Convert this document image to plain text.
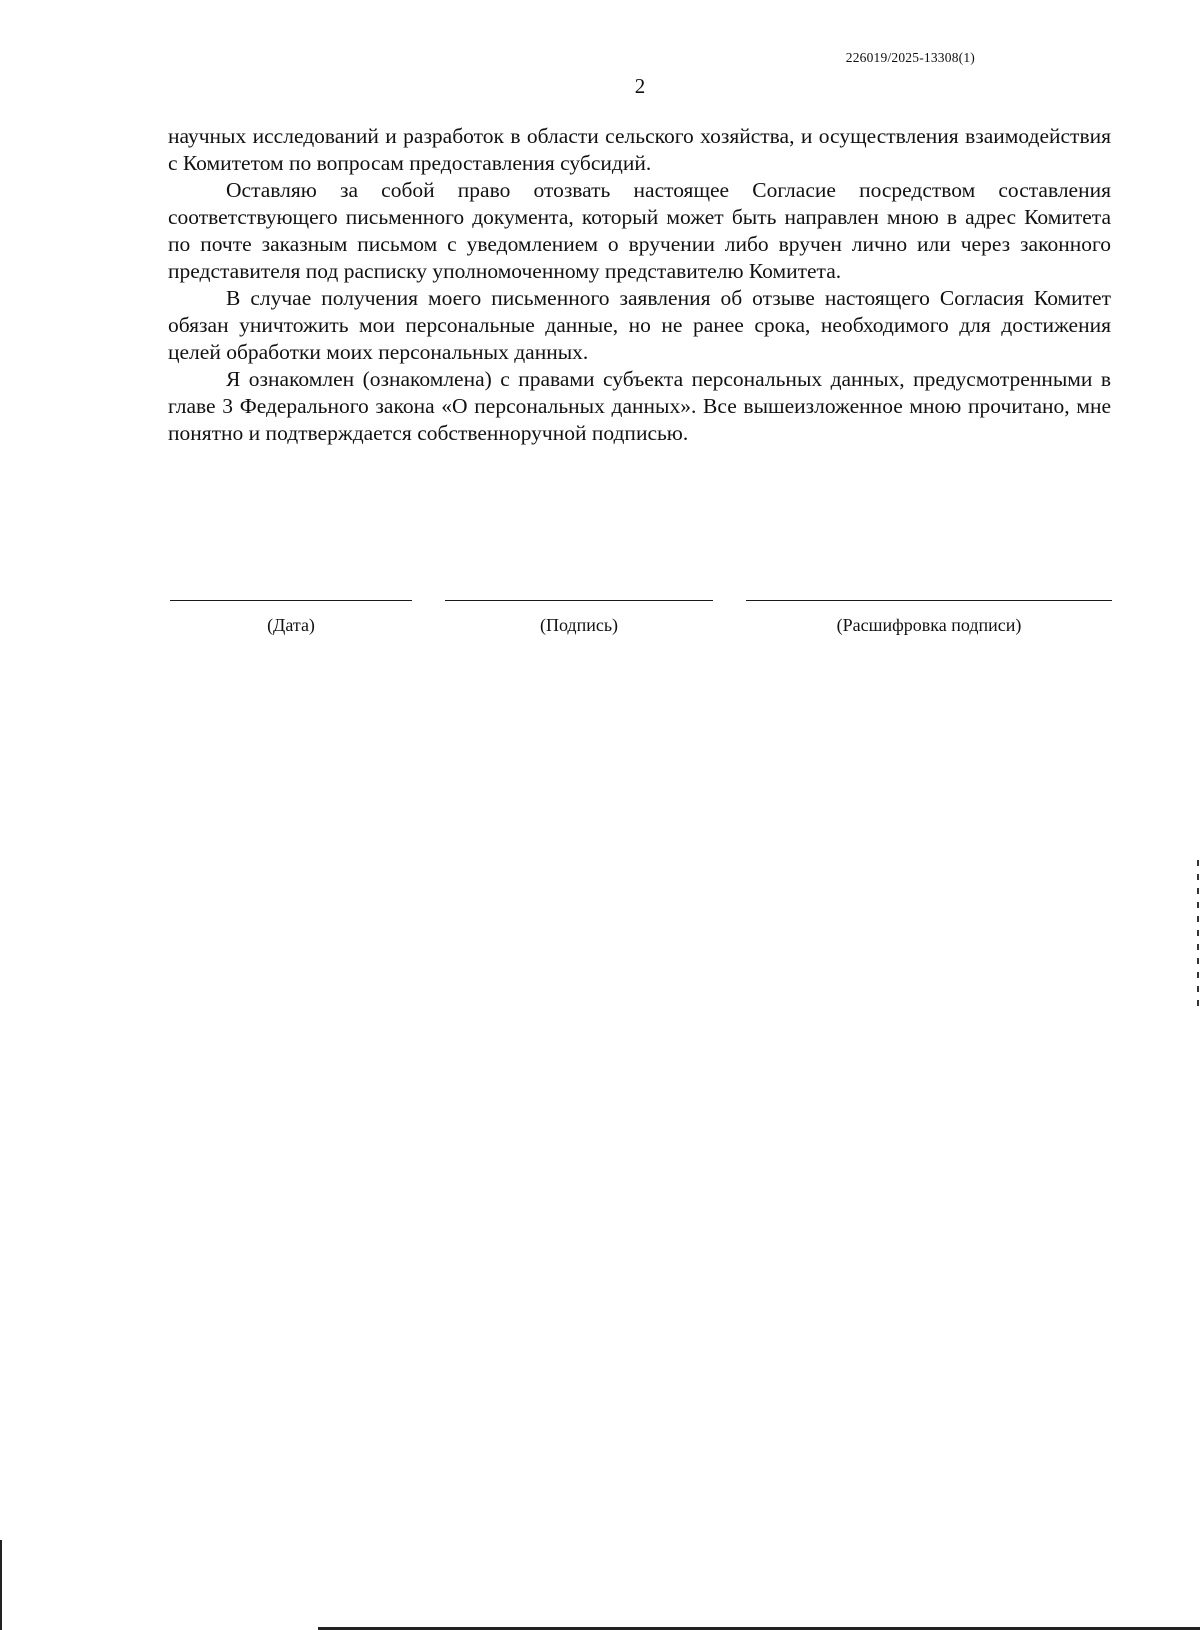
226019/2025-13308(1)
2

научных исследований и разработок в области сельского хозяйства, и осуществления взаимодействия с Комитетом по вопросам предоставления субсидий.

Оставляю за собой право отозвать настоящее Согласие посредством составления соответствующего письменного документа, который может быть направлен мною в адрес Комитета по почте заказным письмом с уведомлением о вручении либо вручен лично или через законного представителя под расписку уполномоченному представителю Комитета.

В случае получения моего письменного заявления об отзыве настоящего Согласия Комитет обязан уничтожить мои персональные данные, но не ранее срока, необходимого для достижения целей обработки моих персональных данных.

Я ознакомлен (ознакомлена) с правами субъекта персональных данных, предусмотренными в главе 3 Федерального закона «О персональных данных». Все вышеизложенное мною прочитано, мне понятно и подтверждается собственноручной подписью.

(Дата)	(Подпись)	(Расшифровка подписи)
